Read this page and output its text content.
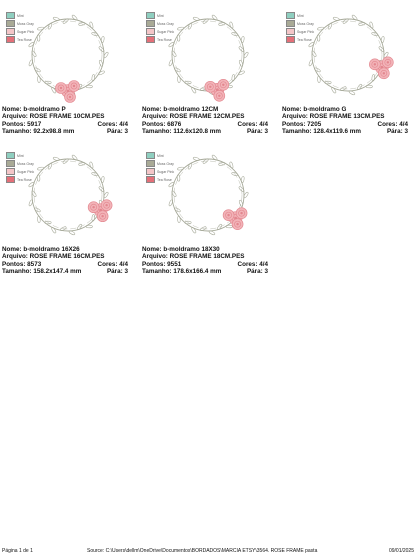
Mint
Moss Gray
Sugar Pink
Tea Rose
Nome: b-moldramo P
Arquivo: ROSE FRAME 10CM.PES
Pontos: 5917	Cores: 4/4
Tamanho: 92.2x98.8 mm	Pára: 3
Mint
Moss Gray
Sugar Pink
Tea Rose
Nome: b-moldramo 12CM
Arquivo: ROSE FRAME 12CM.PES
Pontos: 6876	Cores: 4/4
Tamanho: 112.6x120.8 mm	Pára: 3
Mint
Moss Gray
Sugar Pink
Tea Rose
Nome: b-moldramo G
Arquivo: ROSE FRAME 13CM.PES
Pontos: 7205	Cores: 4/4
Tamanho: 128.4x119.6 mm	Pára: 3
Mint
Moss Gray
Sugar Pink
Tea Rose
Nome: b-moldramo 16X26
Arquivo: ROSE FRAME 16CM.PES
Pontos: 8573	Cores: 4/4
Tamanho: 158.2x147.4 mm	Pára: 3
Mint
Moss Gray
Sugar Pink
Tea Rose
Nome: b-moldramo 18X30
Arquivo: ROSE FRAME 18CM.PES
Pontos: 9551	Cores: 4/4
Tamanho: 178.6x166.4 mm	Pára: 3
Página 1 de 1	Source: C:\Users\dellm\OneDrive\Documentos\BORDADOS\MARCIA ETSY\3564. ROSE FRAME pasta	09/01/2025
